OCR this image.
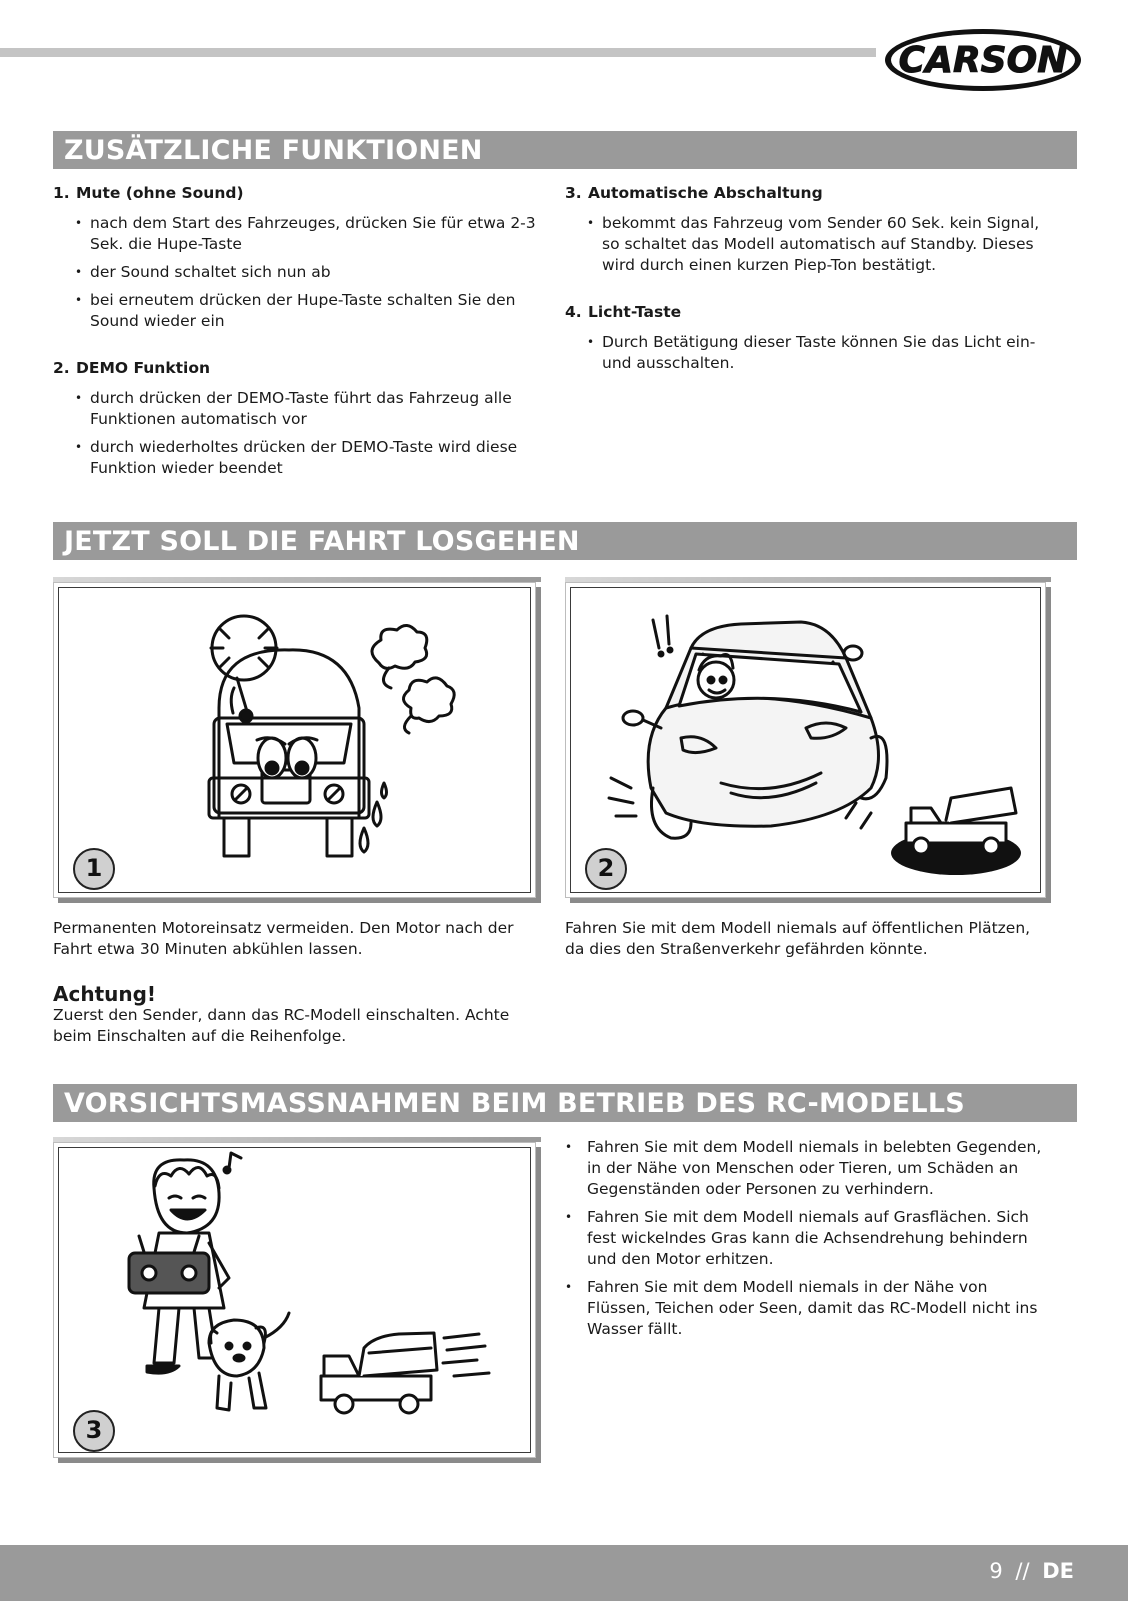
CARSON
ZUSÄTZLICHE FUNKTIONEN
1. Mute (ohne Sound)
• nach dem Start des Fahrzeuges, drücken Sie für etwa 2-3 Sek. die Hupe-Taste
• der Sound schaltet sich nun ab
• bei erneutem drücken der Hupe-Taste schalten Sie den Sound wieder ein
2. DEMO Funktion
• durch drücken der DEMO-Taste führt das Fahrzeug alle Funktionen automatisch vor
• durch wiederholtes drücken der DEMO-Taste wird diese Funktion wieder beendet
3. Automatische Abschaltung
• bekommt das Fahrzeug vom Sender 60 Sek. kein Signal, so schaltet das Modell automatisch auf Standby. Dieses wird durch einen kurzen Piep-Ton bestätigt.
4. Licht-Taste
• Durch Betätigung dieser Taste können Sie das Licht ein- und ausschalten.
JETZT SOLL DIE FAHRT LOSGEHEN
1	2
Permanenten Motoreinsatz vermeiden. Den Motor nach der Fahrt etwa 30 Minuten abkühlen lassen.
Fahren Sie mit dem Modell niemals auf öffentlichen Plätzen, da dies den Straßenverkehr gefährden könnte.
Achtung!
Zuerst den Sender, dann das RC-Modell einschalten. Achte beim Einschalten auf die Reihenfolge.
VORSICHTSMASSNAHMEN BEIM BETRIEB DES RC-MODELLS
3
• Fahren Sie mit dem Modell niemals in belebten Gegenden, in der Nähe von Menschen oder Tieren, um Schäden an Gegenständen oder Personen zu verhindern.
• Fahren Sie mit dem Modell niemals auf Grasflächen. Sich fest wickelndes Gras kann die Achsendrehung behindern und den Motor erhitzen.
• Fahren Sie mit dem Modell niemals in der Nähe von Flüssen, Teichen oder Seen, damit das RC-Modell nicht ins Wasser fällt.
9 // DE
